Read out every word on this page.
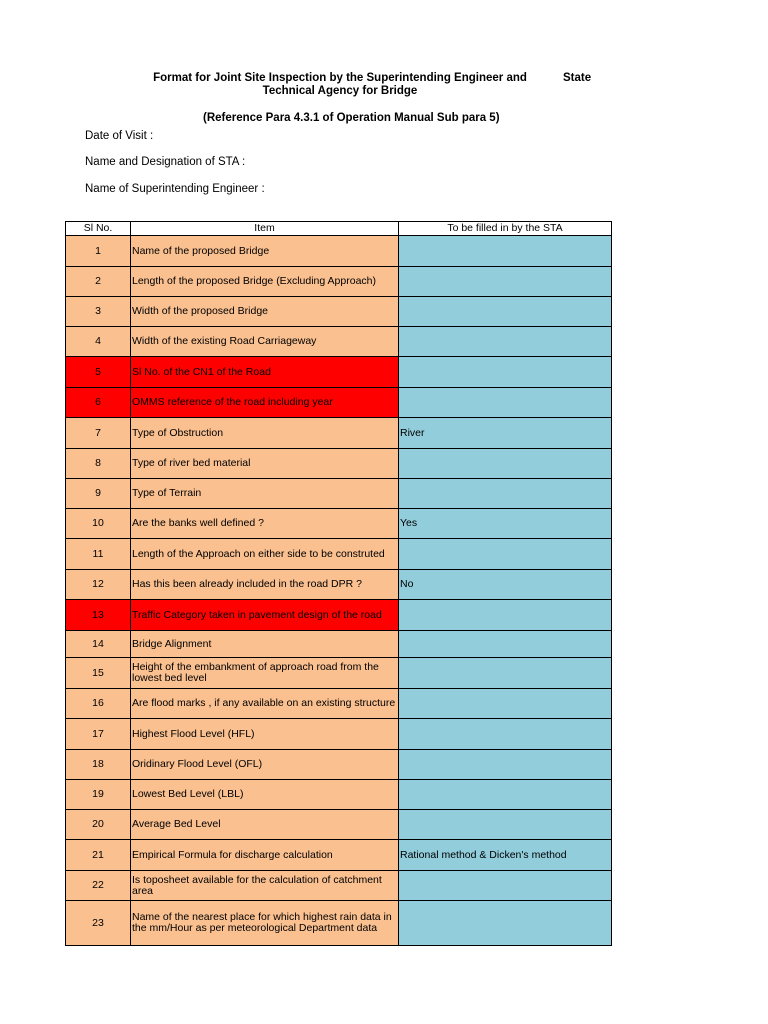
Format for Joint Site Inspection by the Superintending Engineer and
Technical Agency for Bridge
State
(Reference Para 4.3.1 of Operation Manual Sub para 5)
Date of Visit :
Name and Designation of STA :
Name of Superintending Engineer :
Sl No.	Item	To be filled in by the STA
1	Name of the proposed Bridge	
2	Length of the proposed Bridge (Excluding Approach)	
3	Width of the proposed Bridge	
4	Width of the existing Road Carriageway	
5	Sl No. of the CN1 of the Road	
6	OMMS reference of the road including year	
7	Type of Obstruction	River
8	Type of river bed material	
9	Type of Terrain	
10	Are the banks well defined ?	Yes
11	Length of the Approach on either side to be construted	
12	Has this been already included in the road DPR ?	No
13	Traffic Category taken in pavement design of the road	
14	Bridge Alignment	
15	Height of the embankment of approach road from the lowest bed level	
16	Are flood marks , if any available on an existing structure	
17	Highest Flood Level (HFL)	
18	Oridinary Flood Level (OFL)	
19	Lowest Bed Level (LBL)	
20	Average Bed Level	
21	Empirical Formula for discharge calculation	Rational method & Dicken's method
22	Is toposheet available for the calculation of catchment area	
23	Name of the nearest place for which highest rain data in the mm/Hour as per meteorological Department data	
